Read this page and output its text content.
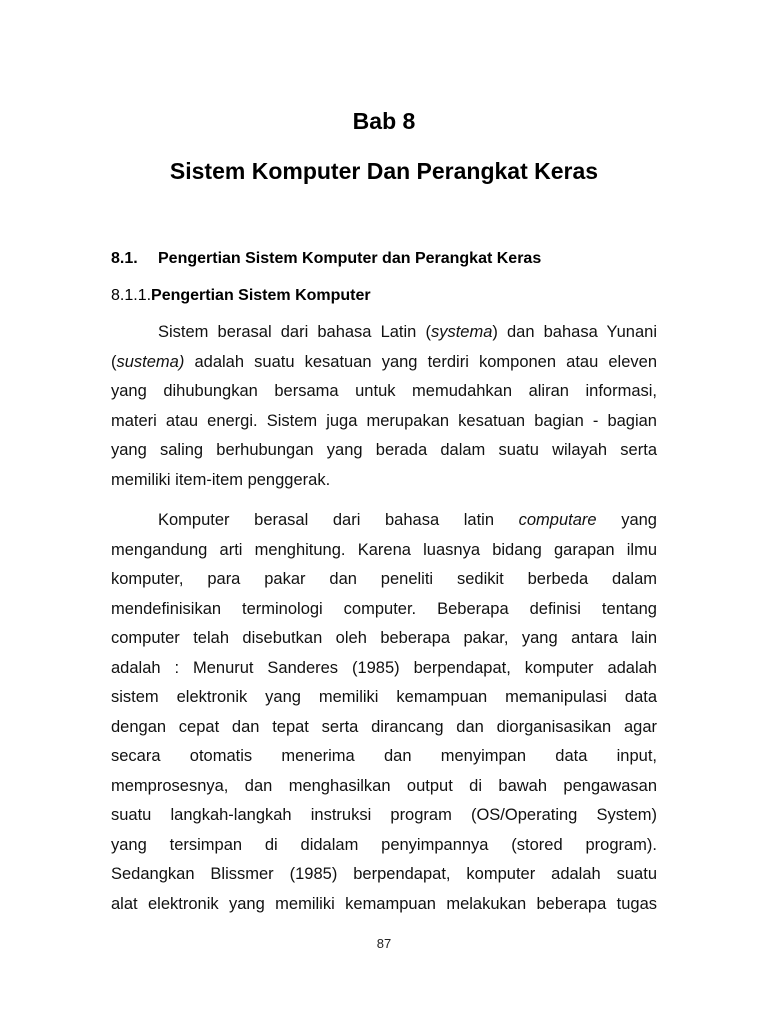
Bab 8
Sistem Komputer Dan Perangkat Keras
8.1. Pengertian Sistem Komputer dan Perangkat Keras
8.1.1.Pengertian Sistem Komputer
Sistem berasal dari bahasa Latin (systema) dan bahasa Yunani
(sustema) adalah suatu kesatuan yang terdiri komponen atau eleven
yang dihubungkan bersama untuk memudahkan aliran informasi,
materi atau energi. Sistem juga merupakan kesatuan bagian - bagian
yang saling berhubungan yang berada dalam suatu wilayah serta
memiliki item-item penggerak.
Komputer berasal dari bahasa latin computare yang
mengandung arti menghitung. Karena luasnya bidang garapan ilmu
komputer, para pakar dan peneliti sedikit berbeda dalam
mendefinisikan terminologi computer. Beberapa definisi tentang
computer telah disebutkan oleh beberapa pakar, yang antara lain
adalah : Menurut Sanderes (1985) berpendapat, komputer adalah
sistem elektronik yang memiliki kemampuan memanipulasi data
dengan cepat dan tepat serta dirancang dan diorganisasikan agar
secara otomatis menerima dan menyimpan data input,
memprosesnya, dan menghasilkan output di bawah pengawasan
suatu langkah-langkah instruksi program (OS/Operating System)
yang tersimpan di didalam penyimpannya (stored program).
Sedangkan Blissmer (1985) berpendapat, komputer adalah suatu
alat elektronik yang memiliki kemampuan melakukan beberapa tugas
87
